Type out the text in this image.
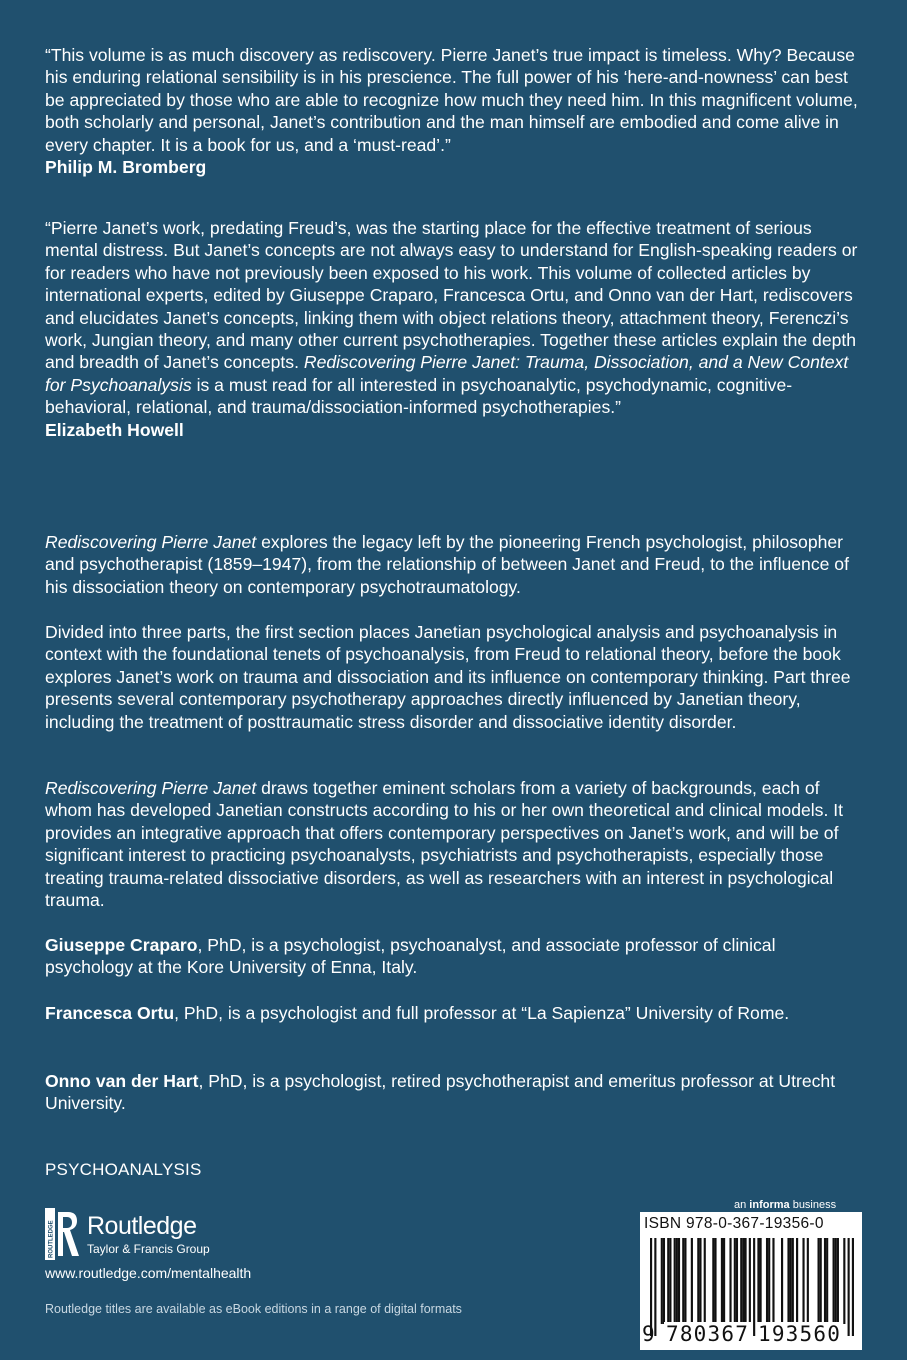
“This volume is as much discovery as rediscovery. Pierre Janet’s true impact is timeless. Why? Because his enduring relational sensibility is in his prescience. The full power of his ‘here-and-nowness’ can best be appreciated by those who are able to recognize how much they need him. In this magnificent volume, both scholarly and personal, Janet’s contribution and the man himself are embodied and come alive in every chapter. It is a book for us, and a ‘must-read’.”

Philip M. Bromberg

“Pierre Janet’s work, predating Freud’s, was the starting place for the effective treatment of serious mental distress. But Janet’s concepts are not always easy to understand for English-speaking readers or for readers who have not previously been exposed to his work. This volume of collected articles by international experts, edited by Giuseppe Craparo, Francesca Ortu, and Onno van der Hart, rediscovers and elucidates Janet’s concepts, linking them with object relations theory, attachment theory, Ferenczi’s work, Jungian theory, and many other current psychotherapies. Together these articles explain the depth and breadth of Janet’s concepts. Rediscovering Pierre Janet: Trauma, Dissociation, and a New Context for Psychoanalysis is a must read for all interested in psychoanalytic, psychodynamic, cognitive-behavioral, relational, and trauma/dissociation-informed psychotherapies.”

Elizabeth Howell

Rediscovering Pierre Janet explores the legacy left by the pioneering French psychologist, philosopher and psychotherapist (1859–1947), from the relationship of between Janet and Freud, to the influence of his dissociation theory on contemporary psychotraumatology.

Divided into three parts, the first section places Janetian psychological analysis and psychoanalysis in context with the foundational tenets of psychoanalysis, from Freud to relational theory, before the book explores Janet’s work on trauma and dissociation and its influence on contemporary thinking. Part three presents several contemporary psychotherapy approaches directly influenced by Janetian theory, including the treatment of posttraumatic stress disorder and dissociative identity disorder.

Rediscovering Pierre Janet draws together eminent scholars from a variety of backgrounds, each of whom has developed Janetian constructs according to his or her own theoretical and clinical models. It provides an integrative approach that offers contemporary perspectives on Janet’s work, and will be of significant interest to practicing psychoanalysts, psychiatrists and psychotherapists, especially those treating trauma-related dissociative disorders, as well as researchers with an interest in psychological trauma.

Giuseppe Craparo, PhD, is a psychologist, psychoanalyst, and associate professor of clinical psychology at the Kore University of Enna, Italy.

Francesca Ortu, PhD, is a psychologist and full professor at “La Sapienza” University of Rome.

Onno van der Hart, PhD, is a psychologist, retired psychotherapist and emeritus professor at Utrecht University.

PSYCHOANALYSIS
ROUTLEDGE Routledge
Taylor & Francis Group
www.routledge.com/mentalhealth
Routledge titles are available as eBook editions in a range of digital formats
an informa business
ISBN 978-0-367-19356-0
9 780367 193560
